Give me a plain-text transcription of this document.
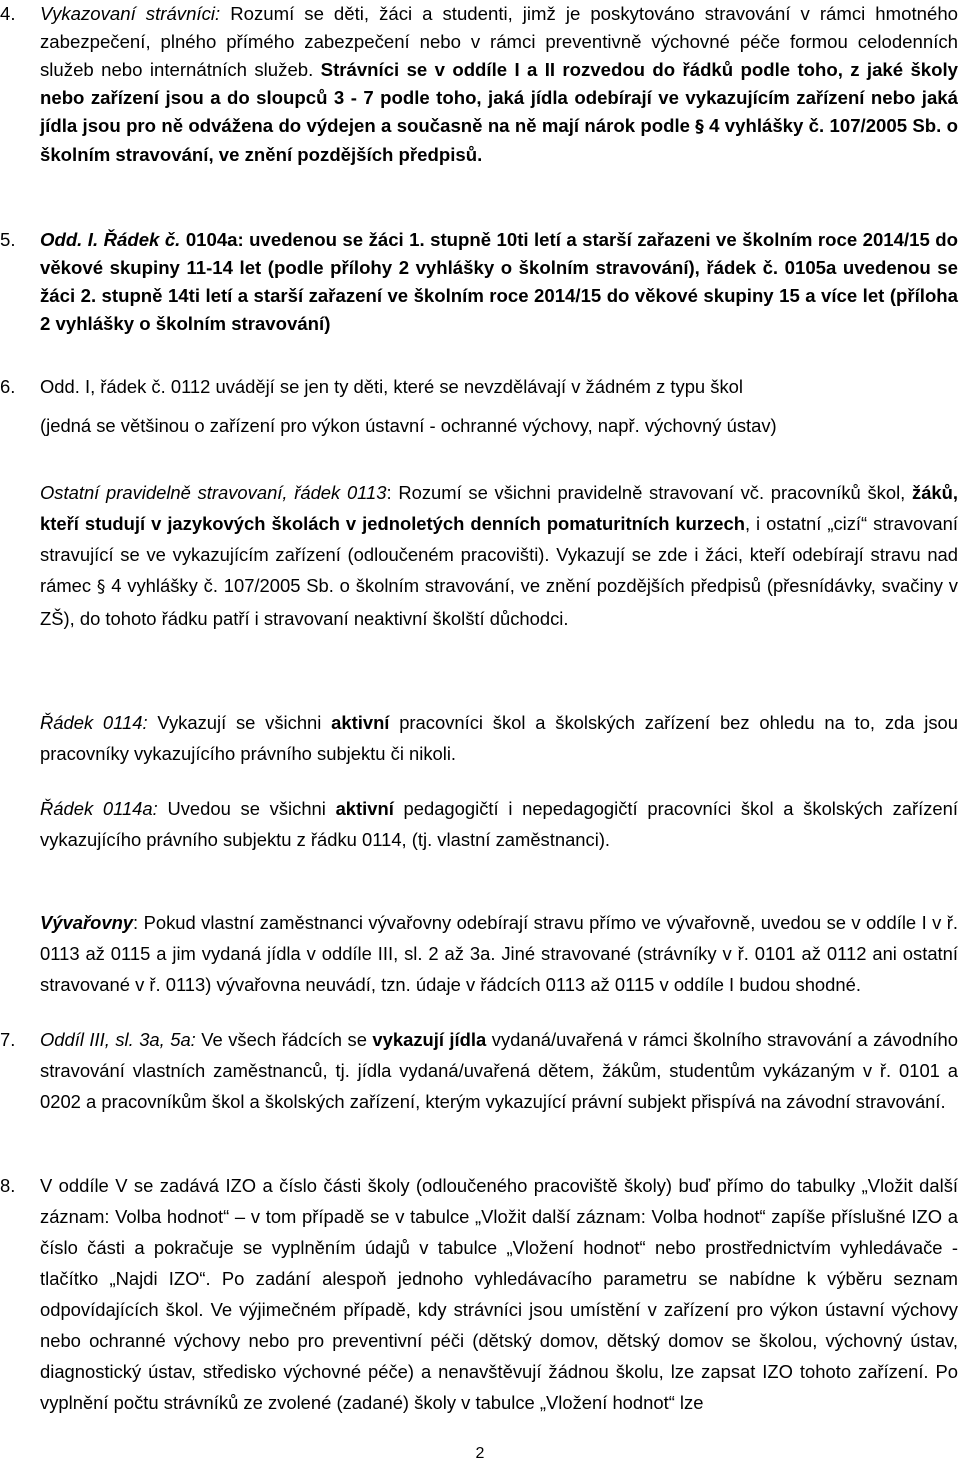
4. Vykazovaní strávníci: Rozumí se děti, žáci a studenti, jimž je poskytováno stravování v rámci hmotného zabezpečení, plného přímého zabezpečení nebo v rámci preventivně výchovné péče formou celodenních služeb nebo internátních služeb. Strávníci se v oddíle I a II rozvedou do řádků podle toho, z jaké školy nebo zařízení jsou a do sloupců 3 - 7 podle toho, jaká jídla odebírají ve vykazujícím zařízení nebo jaká jídla jsou pro ně odvážena do výdejen a současně na ně mají nárok podle § 4 vyhlášky č. 107/2005 Sb. o školním stravování, ve znění pozdějších předpisů.
5. Odd. I. Řádek č. 0104a: uvedenou se žáci 1. stupně 10ti letí a starší zařazeni ve školním roce 2014/15 do věkové skupiny 11-14 let (podle přílohy 2 vyhlášky o školním stravování), řádek č. 0105a uvedenou se žáci 2. stupně 14ti letí a starší zařazení ve školním roce 2014/15 do věkové skupiny 15 a více let (příloha 2 vyhlášky o školním stravování)
6. Odd. I, řádek č. 0112 uvádějí se jen ty děti, které se nevzdělávají v žádném z typu škol
(jedná se většinou o zařízení pro výkon ústavní - ochranné výchovy, např. výchovný ústav)
Ostatní pravidelně stravovaní, řádek 0113: Rozumí se všichni pravidelně stravovaní vč. pracovníků škol, žáků, kteří studují v jazykových školách v jednoletých denních pomaturitních kurzech, i ostatní „cizí“ stravovaní stravující se ve vykazujícím zařízení (odloučeném pracovišti). Vykazují se zde i žáci, kteří odebírají stravu nad rámec § 4 vyhlášky č. 107/2005 Sb. o školním stravování, ve znění pozdějších předpisů (přesnídávky, svačiny v ZŠ), do tohoto řádku patří i stravovaní neaktivní školští důchodci.
Řádek 0114: Vykazují se všichni aktivní pracovníci škol a školských zařízení bez ohledu na to, zda jsou pracovníky vykazujícího právního subjektu či nikoli.
Řádek 0114a: Uvedou se všichni aktivní pedagogičtí i nepedagogičtí pracovníci škol a školských zařízení vykazujícího právního subjektu z řádku 0114, (tj. vlastní zaměstnanci).
Vývařovny: Pokud vlastní zaměstnanci vývařovny odebírají stravu přímo ve vývařovně, uvedou se v oddíle I v ř. 0113 až 0115 a jim vydaná jídla v oddíle III, sl. 2 až 3a. Jiné stravované (strávníky v ř. 0101 až 0112 ani ostatní stravované v ř. 0113) vývařovna neuvádí, tzn. údaje v řádcích 0113 až 0115 v oddíle I budou shodné.
7. Oddíl III, sl. 3a, 5a: Ve všech řádcích se vykazují jídla vydaná/uvařená v rámci školního stravování a závodního stravování vlastních zaměstnanců, tj. jídla vydaná/uvařená dětem, žákům, studentům vykázaným v ř. 0101 a 0202 a pracovníkům škol a školských zařízení, kterým vykazující právní subjekt přispívá na závodní stravování.
8. V oddíle V se zadává IZO a číslo části školy (odloučeného pracoviště školy) buď přímo do tabulky „Vložit další záznam: Volba hodnot“ – v tom případě se v tabulce „Vložit další záznam: Volba hodnot“ zapíše příslušné IZO a číslo části a pokračuje se vyplněním údajů v tabulce „Vložení hodnot“ nebo prostřednictvím vyhledávače - tlačítko „Najdi IZO“. Po zadání alespoň jednoho vyhledávacího parametru se nabídne k výběru seznam odpovídajících škol. Ve výjimečném případě, kdy strávníci jsou umístění v zařízení pro výkon ústavní výchovy nebo ochranné výchovy nebo pro preventivní péči (dětský domov, dětský domov se školou, výchovný ústav, diagnostický ústav, středisko výchovné péče) a nenavštěvují žádnou školu, lze zapsat IZO tohoto zařízení. Po vyplnění počtu strávníků ze zvolené (zadané) školy v tabulce „Vložení hodnot“ lze
2
